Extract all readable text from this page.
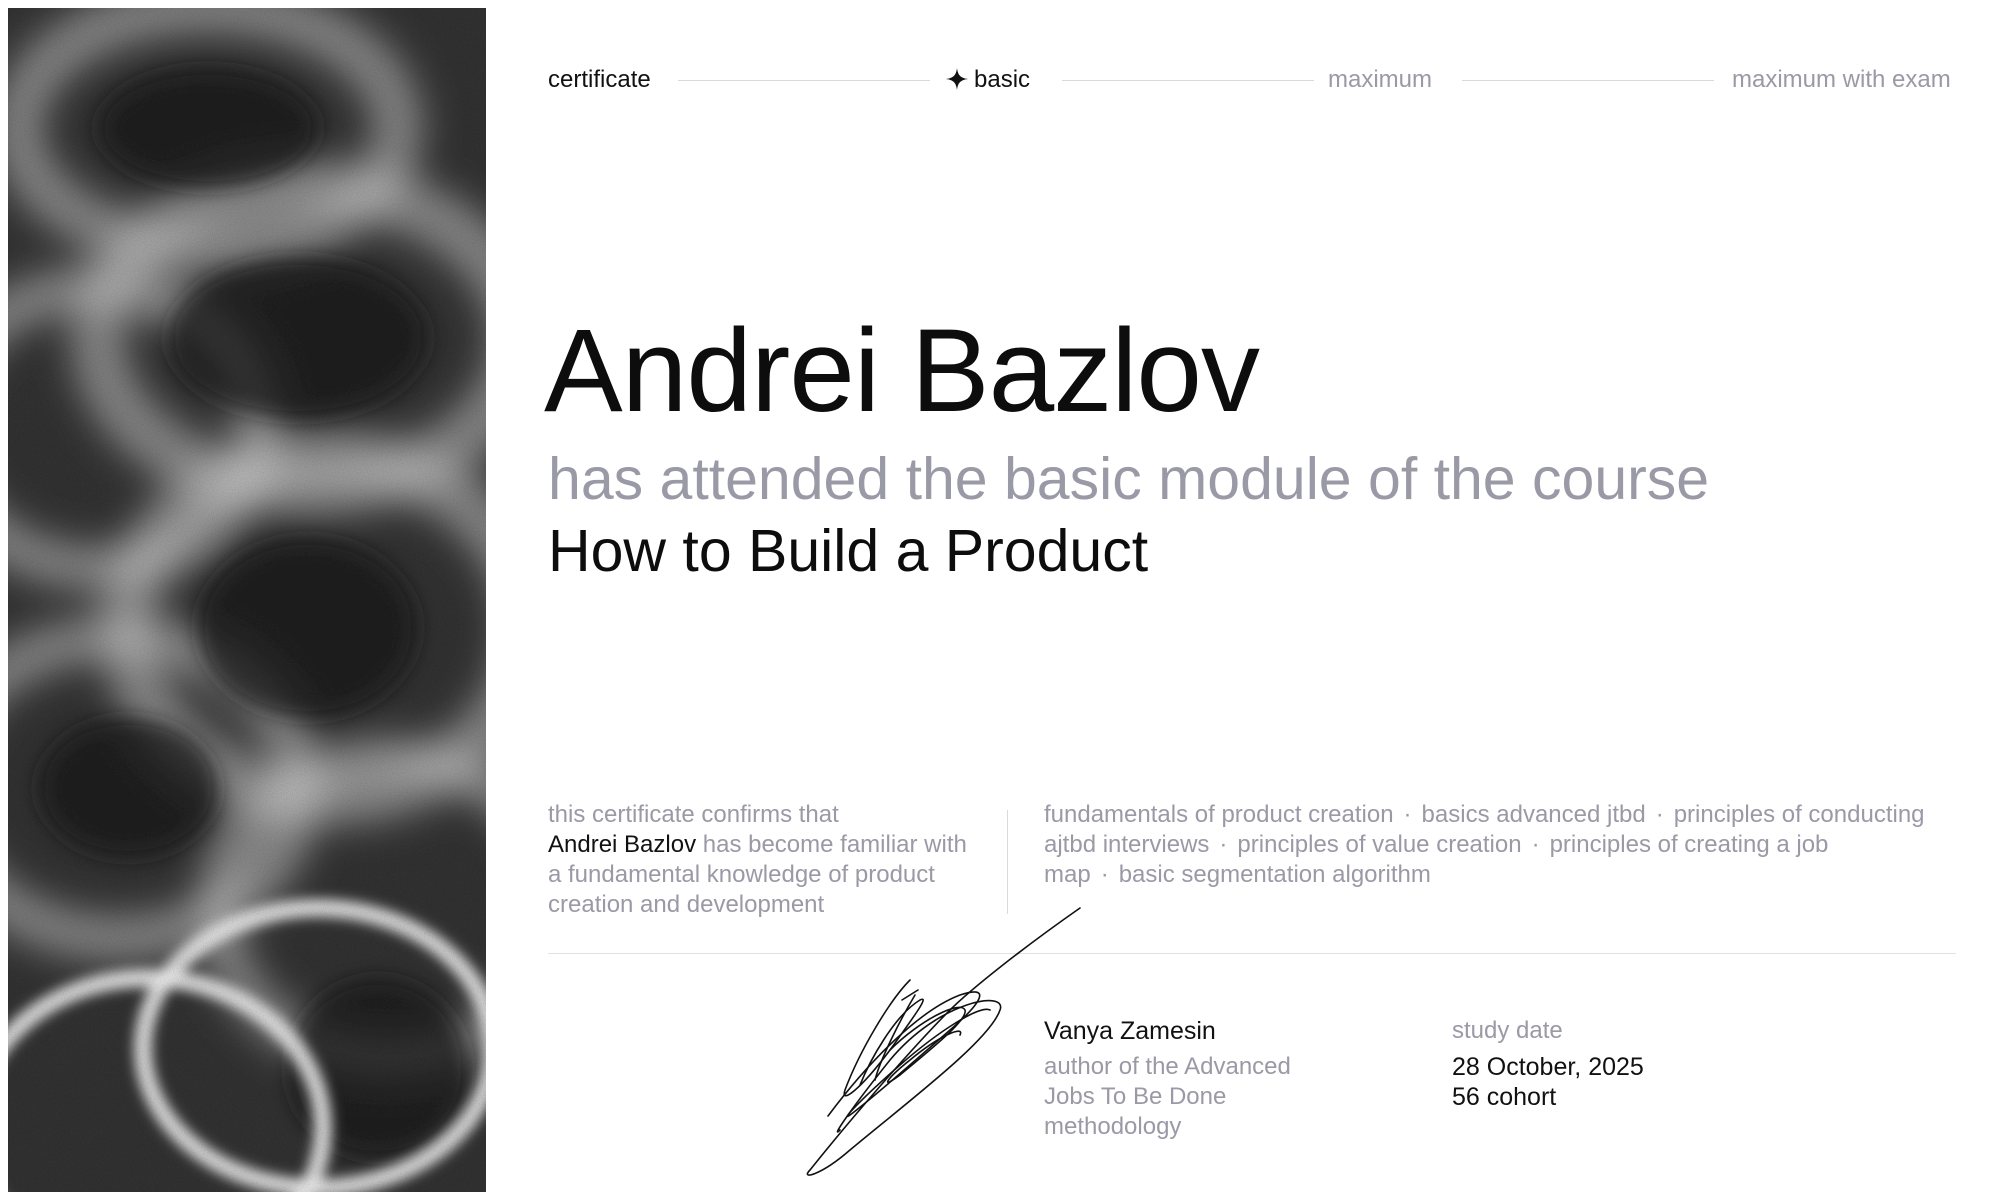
certificate	basic	maximum	maximum with exam
Andrei Bazlov
has attended the basic module of the course
How to Build a Product
this certificate confirms that
Andrei Bazlov has become familiar with a fundamental knowledge of product creation and development
fundamentals of product creation · basics advanced jtbd · principles of conducting ajtbd interviews · principles of value creation · principles of creating a job map · basic segmentation algorithm
Vanya Zamesin
author of the Advanced Jobs To Be Done methodology
study date
28 October, 2025
56 cohort
